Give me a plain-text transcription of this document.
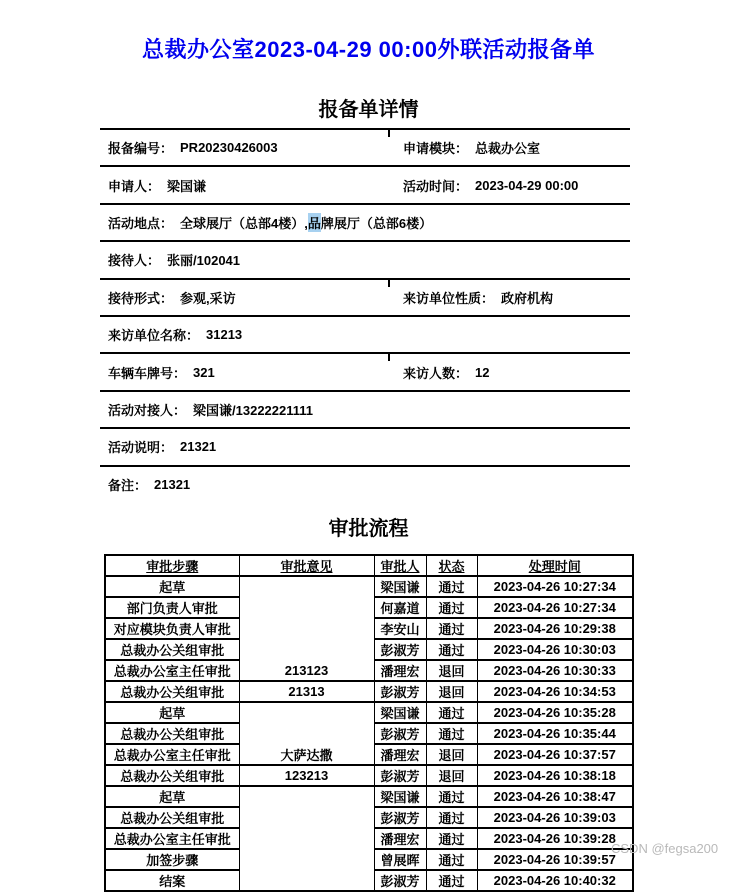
总裁办公室2023-04-29 00:00外联活动报备单
报备单详情
报备编号： PR20230426003	申请模块： 总裁办公室
申请人： 梁国谦	活动时间： 2023-04-29 00:00
活动地点： 全球展厅（总部4楼）, 品 牌展厅（总部6楼）
接待人： 张丽/102041
接待形式： 参观,采访	来访单位性质： 政府机构
来访单位名称： 31213
车辆车牌号： 321	来访人数： 12
活动对接人： 梁国谦/13222221111
活动说明： 21321
备注： 21321
审批流程
审批步骤	审批意见	审批人	状态	处理时间
起草		梁国谦	通过	2023-04-26 10:27:34
部门负责人审批		何嘉道	通过	2023-04-26 10:27:34
对应模块负责人审批		李安山	通过	2023-04-26 10:29:38
总裁办公关组审批		彭淑芳	通过	2023-04-26 10:30:03
总裁办公室主任审批	213123	潘理宏	退回	2023-04-26 10:30:33
总裁办公关组审批	21313	彭淑芳	退回	2023-04-26 10:34:53
起草		梁国谦	通过	2023-04-26 10:35:28
总裁办公关组审批		彭淑芳	通过	2023-04-26 10:35:44
总裁办公室主任审批	大萨达撒	潘理宏	退回	2023-04-26 10:37:57
总裁办公关组审批	123213	彭淑芳	退回	2023-04-26 10:38:18
起草		梁国谦	通过	2023-04-26 10:38:47
总裁办公关组审批		彭淑芳	通过	2023-04-26 10:39:03
总裁办公室主任审批		潘理宏	通过	2023-04-26 10:39:28
加签步骤		曾展晖	通过	2023-04-26 10:39:57
结案		彭淑芳	通过	2023-04-26 10:40:32
CSDN @fegsa200
